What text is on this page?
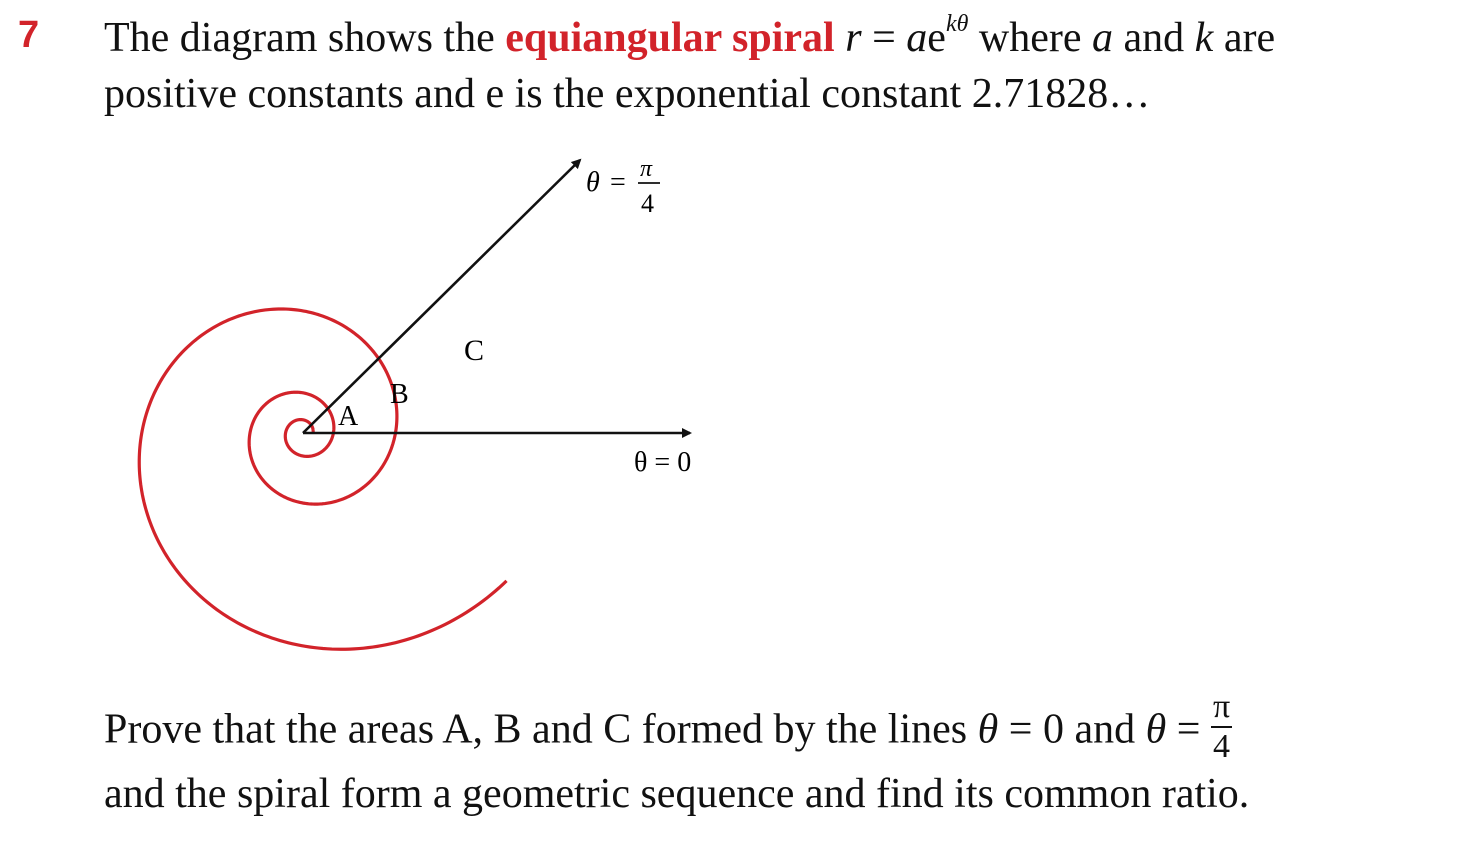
7 The diagram shows the equiangular spiral $r = ae^{k\theta}$ where a and k are
positive constants and e is the exponential constant 2.71828…
A
B
C
θ = π
4
θ = 0
Prove that the areas A, B and C formed by the lines θ = 0 and $\theta = \frac{\pi}{4}$
and the spiral form a geometric sequence and find its common ratio.
